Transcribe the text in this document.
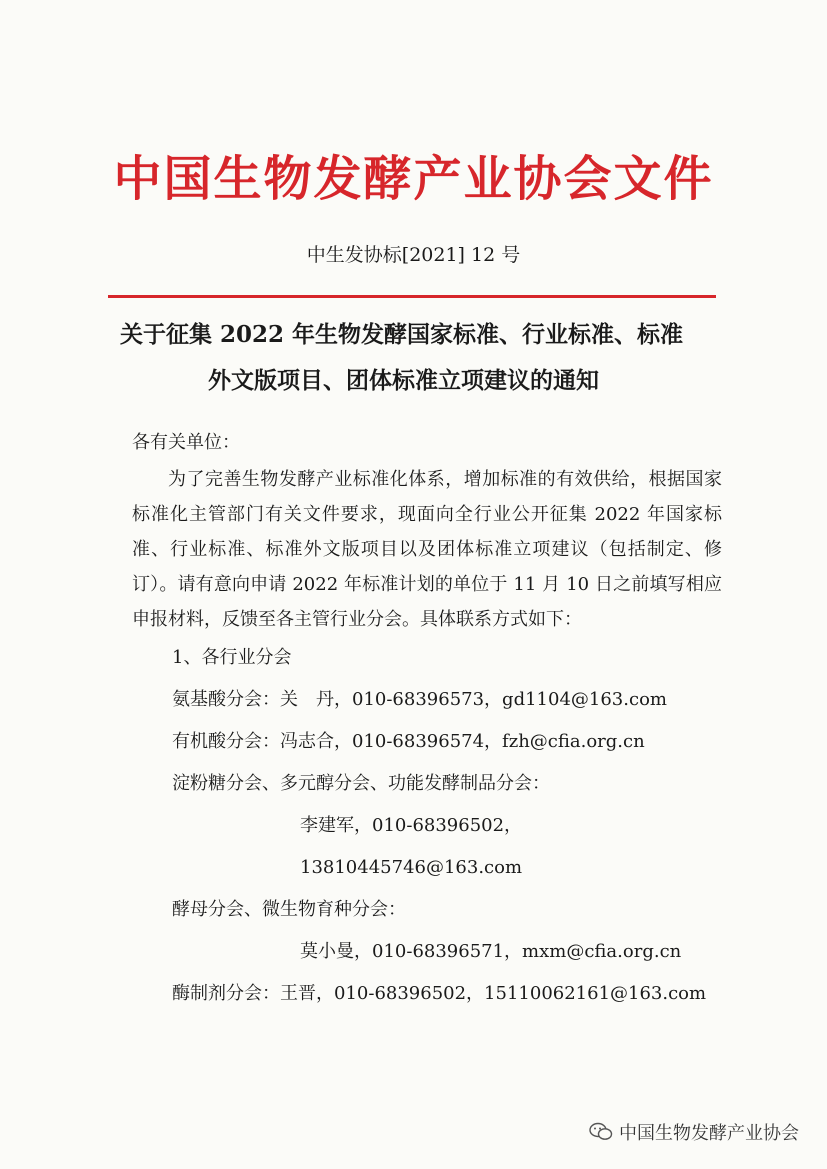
中国生物发酵产业协会文件
中生发协标[2021] 12 号
关于征集 2022 年生物发酵国家标准、行业标准、标准
外文版项目、团体标准立项建议的通知
各有关单位：

为了完善生物发酵产业标准化体系，增加标准的有效供给，根据国家标准化主管部门有关文件要求，现面向全行业公开征集 2022 年国家标准、行业标准、标准外文版项目以及团体标准立项建议（包括制定、修订）。请有意向申请 2022 年标准计划的单位于 11 月 10 日之前填写相应申报材料，反馈至各主管行业分会。具体联系方式如下：

1、各行业分会
氨基酸分会：关　丹，010-68396573，gd1104@163.com
有机酸分会：冯志合，010-68396574，fzh@cfia.org.cn
淀粉糖分会、多元醇分会、功能发酵制品分会：
李建军，010-68396502，13810445746@163.com
酵母分会、微生物育种分会：
莫小曼，010-68396571，mxm@cfia.org.cn
酶制剂分会：王晋，010-68396502，15110062161@163.com
中国生物发酵产业协会
